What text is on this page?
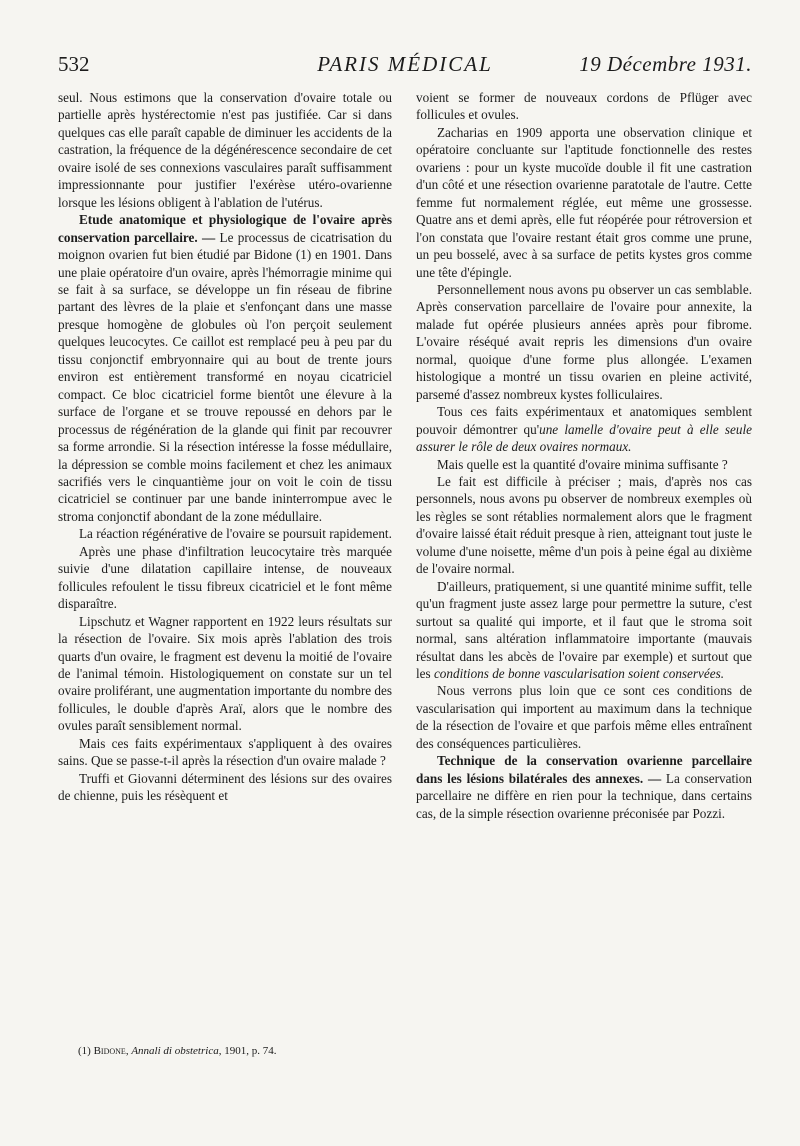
532	PARIS MÉDICAL	19 Décembre 1931.

seul. Nous estimons que la conservation d'ovaire totale ou partielle après hystérectomie n'est pas justifiée. Car si dans quelques cas elle paraît capable de diminuer les accidents de la castration, la fréquence de la dégénérescence secondaire de cet ovaire isolé de ses connexions vasculaires paraît suffisamment impressionnante pour justifier l'exérèse utéro-ovarienne lorsque les lésions obligent à l'ablation de l'utérus.

Etude anatomique et physiologique de l'ovaire après conservation parcellaire. — Le processus de cicatrisation du moignon ovarien fut bien étudié par Bidone (1) en 1901. Dans une plaie opératoire d'un ovaire, après l'hémorragie minime qui se fait à sa surface, se développe un fin réseau de fibrine partant des lèvres de la plaie et s'enfonçant dans une masse presque homogène de globules où l'on perçoit seulement quelques leucocytes. Ce caillot est remplacé peu à peu par du tissu conjonctif embryonnaire qui au bout de trente jours environ est entièrement transformé en noyau cicatriciel compact. Ce bloc cicatriciel forme bientôt une élevure à la surface de l'organe et se trouve repoussé en dehors par le processus de régénération de la glande qui finit par recouvrer sa forme arrondie. Si la résection intéresse la fosse médullaire, la dépression se comble moins facilement et chez les animaux sacrifiés vers le cinquantième jour on voit le coin de tissu cicatriciel se continuer par une bande ininterrompue avec le stroma conjonctif abondant de la zone médullaire.

La réaction régénérative de l'ovaire se poursuit rapidement.

Après une phase d'infiltration leucocytaire très marquée suivie d'une dilatation capillaire intense, de nouveaux follicules refoulent le tissu fibreux cicatriciel et le font même disparaître.

Lipschutz et Wagner rapportent en 1922 leurs résultats sur la résection de l'ovaire. Six mois après l'ablation des trois quarts d'un ovaire, le fragment est devenu la moitié de l'ovaire de l'animal témoin. Histologiquement on constate sur un tel ovaire proliférant, une augmentation importante du nombre des follicules, le double d'après Araï, alors que le nombre des ovules paraît sensiblement normal.

Mais ces faits expérimentaux s'appliquent à des ovaires sains. Que se passe-t-il après la résection d'un ovaire malade ?

Truffi et Giovanni déterminent des lésions sur des ovaires de chienne, puis les résèquent et

voient se former de nouveaux cordons de Pflüger avec follicules et ovules.

Zacharias en 1909 apporta une observation clinique et opératoire concluante sur l'aptitude fonctionnelle des restes ovariens : pour un kyste mucoïde double il fit une castration d'un côté et une résection ovarienne paratotale de l'autre. Cette femme fut normalement réglée, eut même une grossesse. Quatre ans et demi après, elle fut réopérée pour rétroversion et l'on constata que l'ovaire restant était gros comme une prune, un peu bosselé, avec à sa surface de petits kystes gros comme une tête d'épingle.

Personnellement nous avons pu observer un cas semblable. Après conservation parcellaire de l'ovaire pour annexite, la malade fut opérée plusieurs années après pour fibrome. L'ovaire réséqué avait repris les dimensions d'un ovaire normal, quoique d'une forme plus allongée. L'examen histologique a montré un tissu ovarien en pleine activité, parsemé d'assez nombreux kystes folliculaires.

Tous ces faits expérimentaux et anatomiques semblent pouvoir démontrer qu'une lamelle d'ovaire peut à elle seule assurer le rôle de deux ovaires normaux.

Mais quelle est la quantité d'ovaire minima suffisante ?

Le fait est difficile à préciser ; mais, d'après nos cas personnels, nous avons pu observer de nombreux exemples où les règles se sont rétablies normalement alors que le fragment d'ovaire laissé était réduit presque à rien, atteignant tout juste le volume d'une noisette, même d'un pois à peine égal au dixième de l'ovaire normal.

D'ailleurs, pratiquement, si une quantité minime suffit, telle qu'un fragment juste assez large pour permettre la suture, c'est surtout sa qualité qui importe, et il faut que le stroma soit normal, sans altération inflammatoire importante (mauvais résultat dans les abcès de l'ovaire par exemple) et surtout que les conditions de bonne vascularisation soient conservées.

Nous verrons plus loin que ce sont ces conditions de vascularisation qui importent au maximum dans la technique de la résection de l'ovaire et que parfois même elles entraînent des conséquences particulières.

Technique de la conservation ovarienne parcellaire dans les lésions bilatérales des annexes. — La conservation parcellaire ne diffère en rien pour la technique, dans certains cas, de la simple résection ovarienne préconisée par Pozzi.

(1) Bidone, Annali di obstetrica, 1901, p. 74.
